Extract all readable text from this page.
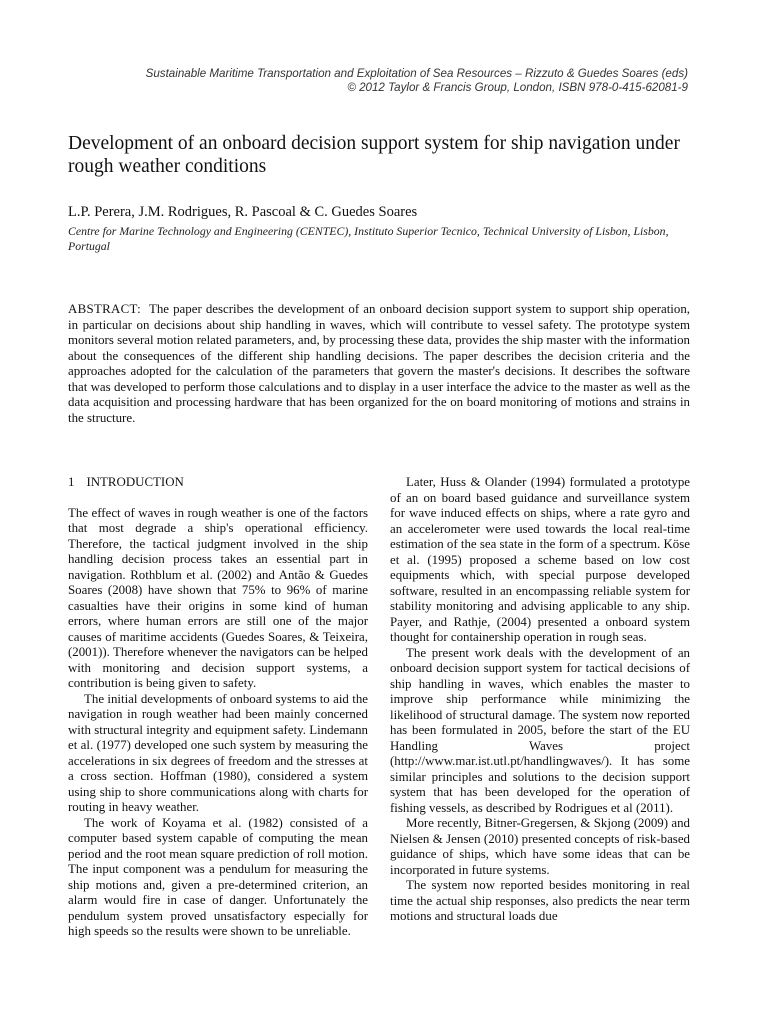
Sustainable Maritime Transportation and Exploitation of Sea Resources – Rizzuto & Guedes Soares (eds)
© 2012 Taylor & Francis Group, London, ISBN 978-0-415-62081-9
Development of an onboard decision support system for ship navigation under rough weather conditions
L.P. Perera, J.M. Rodrigues, R. Pascoal & C. Guedes Soares
Centre for Marine Technology and Engineering (CENTEC), Instituto Superior Tecnico, Technical University of Lisbon, Lisbon, Portugal
ABSTRACT: The paper describes the development of an onboard decision support system to support ship operation, in particular on decisions about ship handling in waves, which will contribute to vessel safety. The prototype system monitors several motion related parameters, and, by processing these data, provides the ship master with the information about the consequences of the different ship handling decisions. The paper describes the decision criteria and the approaches adopted for the calculation of the parameters that govern the master's decisions. It describes the software that was developed to perform those calculations and to display in a user interface the advice to the master as well as the data acquisition and processing hardware that has been organized for the on board monitoring of motions and strains in the structure.
1 INTRODUCTION

The effect of waves in rough weather is one of the factors that most degrade a ship's operational efficiency. Therefore, the tactical judgment involved in the ship handling decision process takes an essential part in navigation. Rothblum et al. (2002) and Antão & Guedes Soares (2008) have shown that 75% to 96% of marine casualties have their origins in some kind of human errors, where human errors are still one of the major causes of maritime accidents (Guedes Soares, & Teixeira, (2001)). Therefore whenever the navigators can be helped with monitoring and decision support systems, a contribution is being given to safety.

The initial developments of onboard systems to aid the navigation in rough weather had been mainly concerned with structural integrity and equipment safety. Lindemann et al. (1977) developed one such system by measuring the accelerations in six degrees of freedom and the stresses at a cross section. Hoffman (1980), considered a system using ship to shore communications along with charts for routing in heavy weather.

The work of Koyama et al. (1982) consisted of a computer based system capable of computing the mean period and the root mean square prediction of roll motion. The input component was a pendulum for measuring the ship motions and, given a pre-determined criterion, an alarm would fire in case of danger. Unfortunately the pendulum system proved unsatisfactory especially for high speeds so the results were shown to be unreliable.

Later, Huss & Olander (1994) formulated a prototype of an on board based guidance and surveillance system for wave induced effects on ships, where a rate gyro and an accelerometer were used towards the local real-time estimation of the sea state in the form of a spectrum. Köse et al. (1995) proposed a scheme based on low cost equipments which, with special purpose developed software, resulted in an encompassing reliable system for stability monitoring and advising applicable to any ship. Payer, and Rathje, (2004) presented a onboard system thought for containership operation in rough seas.

The present work deals with the development of an onboard decision support system for tactical decisions of ship handling in waves, which enables the master to improve ship performance while minimizing the likelihood of structural damage. The system now reported has been formulated in 2005, before the start of the EU Handling Waves project (http://www.mar.ist.utl.pt/handlingwaves/). It has some similar principles and solutions to the decision support system that has been developed for the operation of fishing vessels, as described by Rodrigues et al (2011).

More recently, Bitner-Gregersen, & Skjong (2009) and Nielsen & Jensen (2010) presented concepts of risk-based guidance of ships, which have some ideas that can be incorporated in future systems.

The system now reported besides monitoring in real time the actual ship responses, also predicts the near term motions and structural loads due
